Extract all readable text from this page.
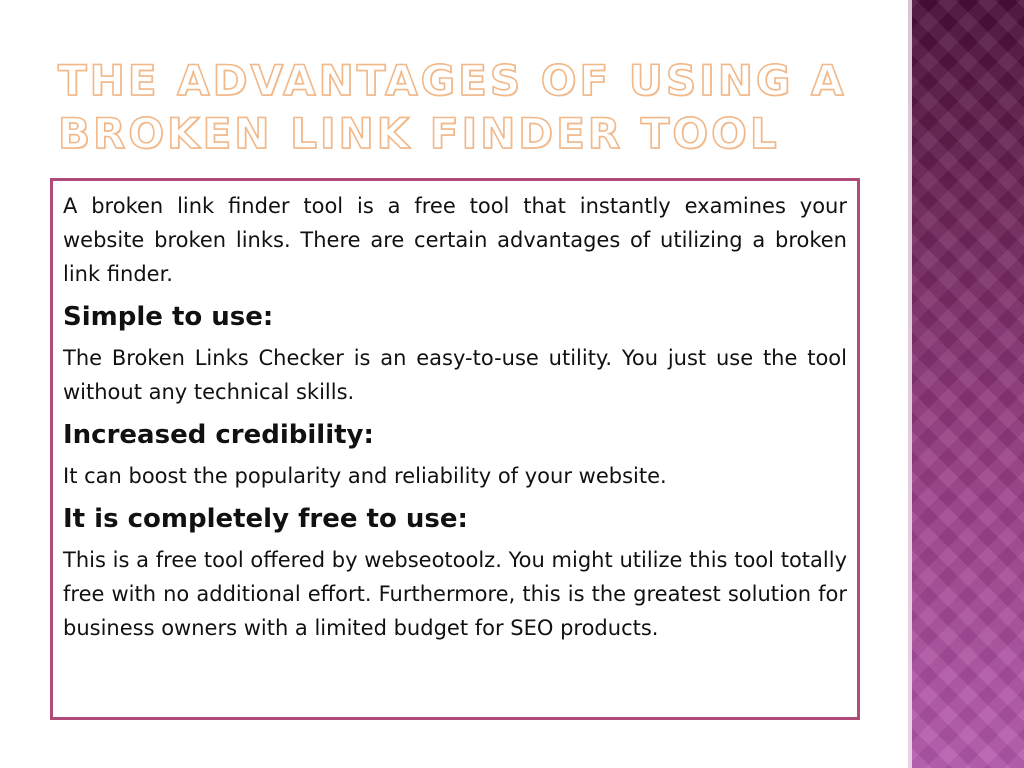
THE ADVANTAGES OF USING A BROKEN LINK FINDER TOOL

A broken link finder tool is a free tool that instantly examines your website broken links. There are certain advantages of utilizing a broken link finder.

Simple to use:

The Broken Links Checker is an easy-to-use utility. You just use the tool without any technical skills.

Increased credibility:

It can boost the popularity and reliability of your website.

It is completely free to use:

This is a free tool offered by webseotoolz. You might utilize this tool totally free with no additional effort. Furthermore, this is the greatest solution for business owners with a limited budget for SEO products.
